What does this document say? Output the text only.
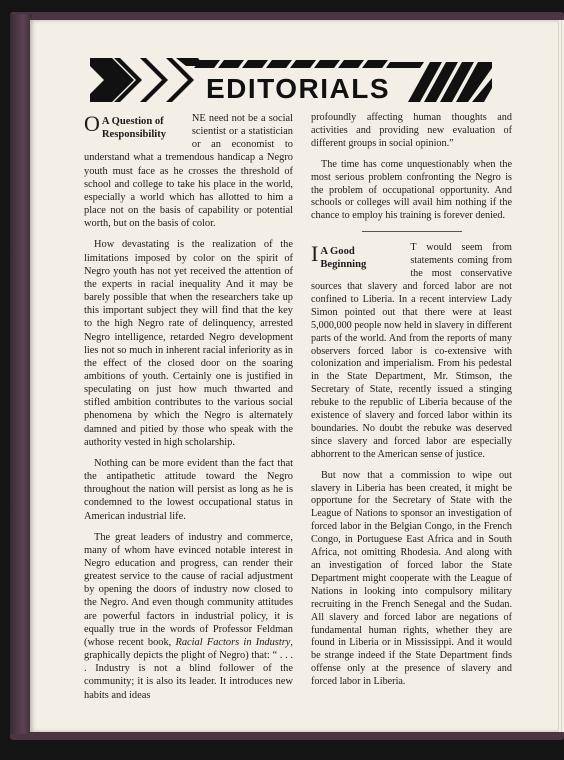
EDITORIALS

O	NE
A Question of
Responsibility
need not be a social scientist or a statistician or an economist to understand what a tremendous handicap a Negro youth must face as he crosses the threshold of school and college to take his place in the world, especially a world which has allotted to him a place not on the basis of capability or potential worth, but on the basis of color.

How devastating is the realization of the limitations imposed by color on the spirit of Negro youth has not yet received the attention of the experts in racial inequality And it may be barely possible that when the researchers take up this important subject they will find that the key to the high Negro rate of delinquency, arrested Negro intelligence, retarded Negro development lies not so much in inherent racial inferiority as in the effect of the closed door on the soaring ambitions of youth. Certainly one is justified in speculating on just how much thwarted and stifled ambition contributes to the various social phenomena by which the Negro is alternately damned and pitied by those who speak with the authority vested in high scholarship.

Nothing can be more evident than the fact that the antipathetic attitude toward the Negro throughout the nation will persist as long as he is condemned to the lowest occupational status in American industrial life.

The great leaders of industry and commerce, many of whom have evinced notable interest in Negro education and progress, can render their greatest service to the cause of racial adjustment by opening the doors of industry now closed to the Negro. And even though community attitudes are powerful factors in industrial policy, it is equally true in the words of Professor Feldman (whose recent book, Racial Factors in Industry, graphically depicts the plight of Negro) that: “ . . . . Industry is not a blind follower of the community; it is also its leader. It introduces new habits and ideas

profoundly affecting human thoughts and activities and providing new evaluation of different groups in social opinion.”

The time has come unquestionably when the most serious problem confronting the Negro is the problem of occupational opportunity. And schools or colleges will avail him nothing if the chance to employ his training is forever denied.

I	T
A Good
Beginning
would seem from statements coming from the most conservative sources that slavery and forced labor are not confined to Liberia. In a recent interview Lady Simon pointed out that there were at least 5,000,000 people now held in slavery in different parts of the world. And from the reports of many observers forced labor is co-extensive with colonization and imperialism. From his pedestal in the State Department, Mr. Stimson, the Secretary of State, recently issued a stinging rebuke to the republic of Liberia because of the existence of slavery and forced labor within its boundaries. No doubt the rebuke was deserved since slavery and forced labor are especially abhorrent to the American sense of justice.

But now that a commission to wipe out slavery in Liberia has been created, it might be opportune for the Secretary of State with the League of Nations to sponsor an investigation of forced labor in the Belgian Congo, in the French Congo, in Portuguese East Africa and in South Africa, not omitting Rhodesia. And along with an investigation of forced labor the State Department might cooperate with the League of Nations in looking into compulsory military recruiting in the French Senegal and the Sudan. All slavery and forced labor are negations of fundamental human rights, whether they are found in Liberia or in Mississippi. And it would be strange indeed if the State Department finds offense only at the presence of slavery and forced labor in Liberia.
